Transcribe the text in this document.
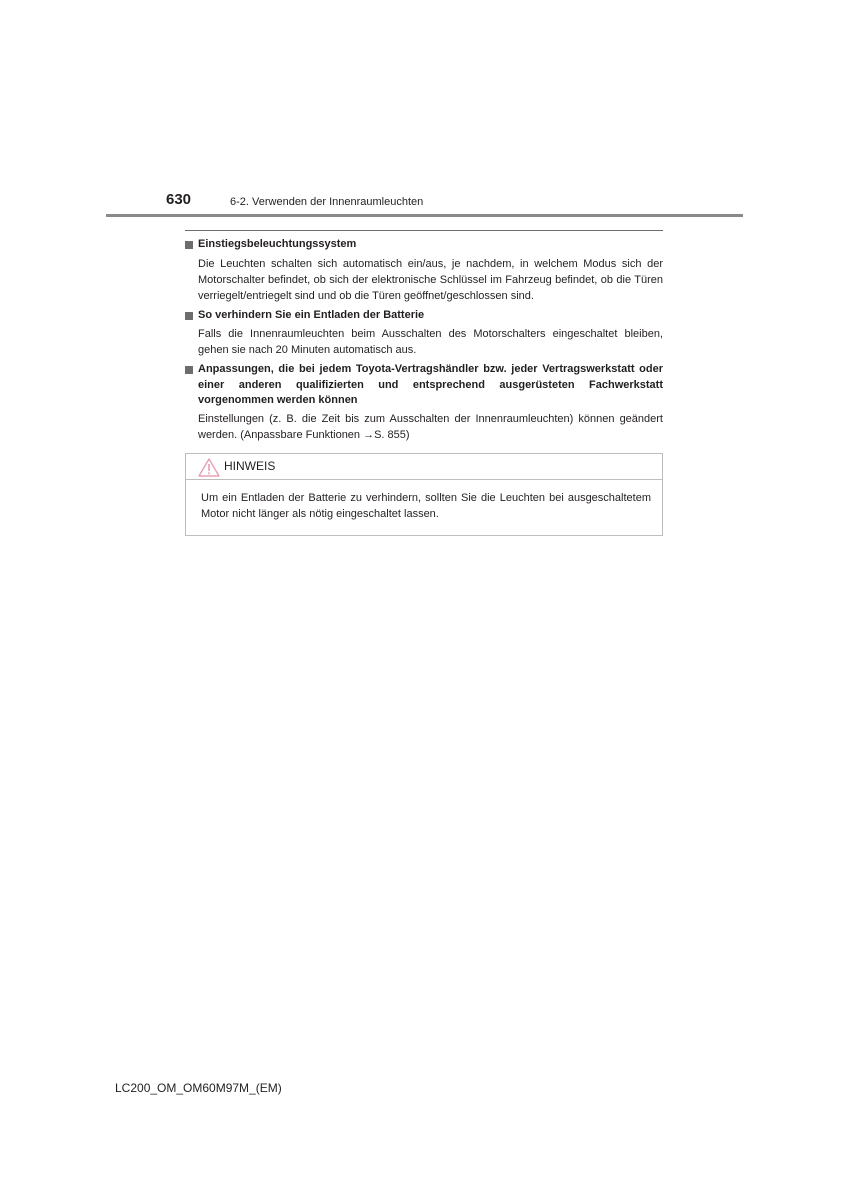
630	6-2. Verwenden der Innenraumleuchten
Einstiegsbeleuchtungssystem

Die Leuchten schalten sich automatisch ein/aus, je nachdem, in welchem Modus sich der Motorschalter befindet, ob sich der elektronische Schlüssel im Fahrzeug befindet, ob die Türen verriegelt/entriegelt sind und ob die Türen geöffnet/geschlossen sind.

So verhindern Sie ein Entladen der Batterie

Falls die Innenraumleuchten beim Ausschalten des Motorschalters eingeschaltet bleiben, gehen sie nach 20 Minuten automatisch aus.

Anpassungen, die bei jedem Toyota-Vertragshändler bzw. jeder Vertragswerkstatt oder einer anderen qualifizierten und entsprechend ausgerüsteten Fachwerkstatt vorgenommen werden können

Einstellungen (z. B. die Zeit bis zum Ausschalten der Innenraumleuchten) können geändert werden. (Anpassbare Funktionen →S. 855)

HINWEIS

Um ein Entladen der Batterie zu verhindern, sollten Sie die Leuchten bei ausgeschaltetem Motor nicht länger als nötig eingeschaltet lassen.

LC200_OM_OM60M97M_(EM)
